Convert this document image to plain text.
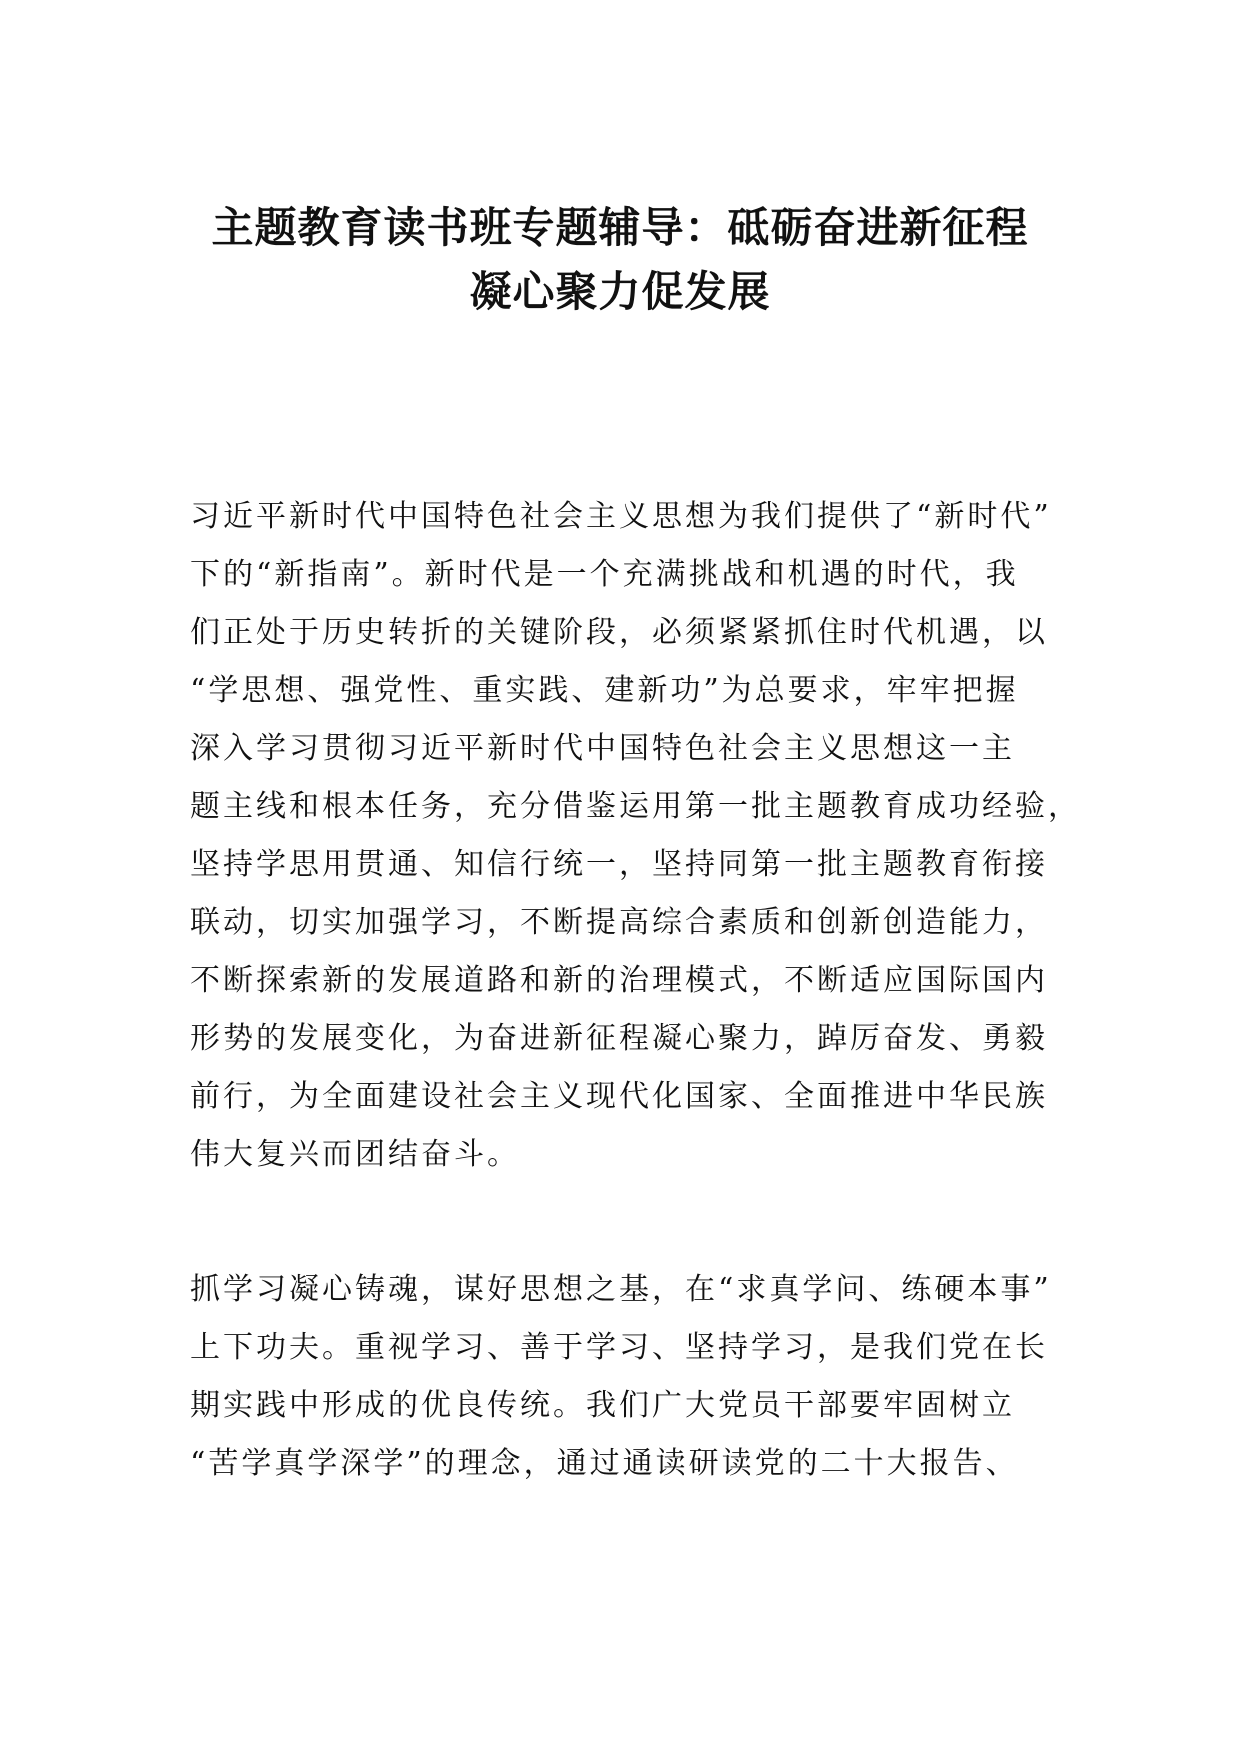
主题教育读书班专题辅导：砥砺奋进新征程
凝心聚力促发展
习近平新时代中国特色社会主义思想为我们提供了“新时代”
下的“新指南”。新时代是一个充满挑战和机遇的时代，我
们正处于历史转折的关键阶段，必须紧紧抓住时代机遇，以
“学思想、强党性、重实践、建新功”为总要求，牢牢把握
深入学习贯彻习近平新时代中国特色社会主义思想这一主
题主线和根本任务，充分借鉴运用第一批主题教育成功经验，
坚持学思用贯通、知信行统一，坚持同第一批主题教育衔接
联动，切实加强学习，不断提高综合素质和创新创造能力，
不断探索新的发展道路和新的治理模式，不断适应国际国内
形势的发展变化，为奋进新征程凝心聚力，踔厉奋发、勇毅
前行，为全面建设社会主义现代化国家、全面推进中华民族
伟大复兴而团结奋斗。
抓学习凝心铸魂，谋好思想之基，在“求真学问、练硬本事”
上下功夫。重视学习、善于学习、坚持学习，是我们党在长
期实践中形成的优良传统。我们广大党员干部要牢固树立
“苦学真学深学”的理念，通过通读研读党的二十大报告、
